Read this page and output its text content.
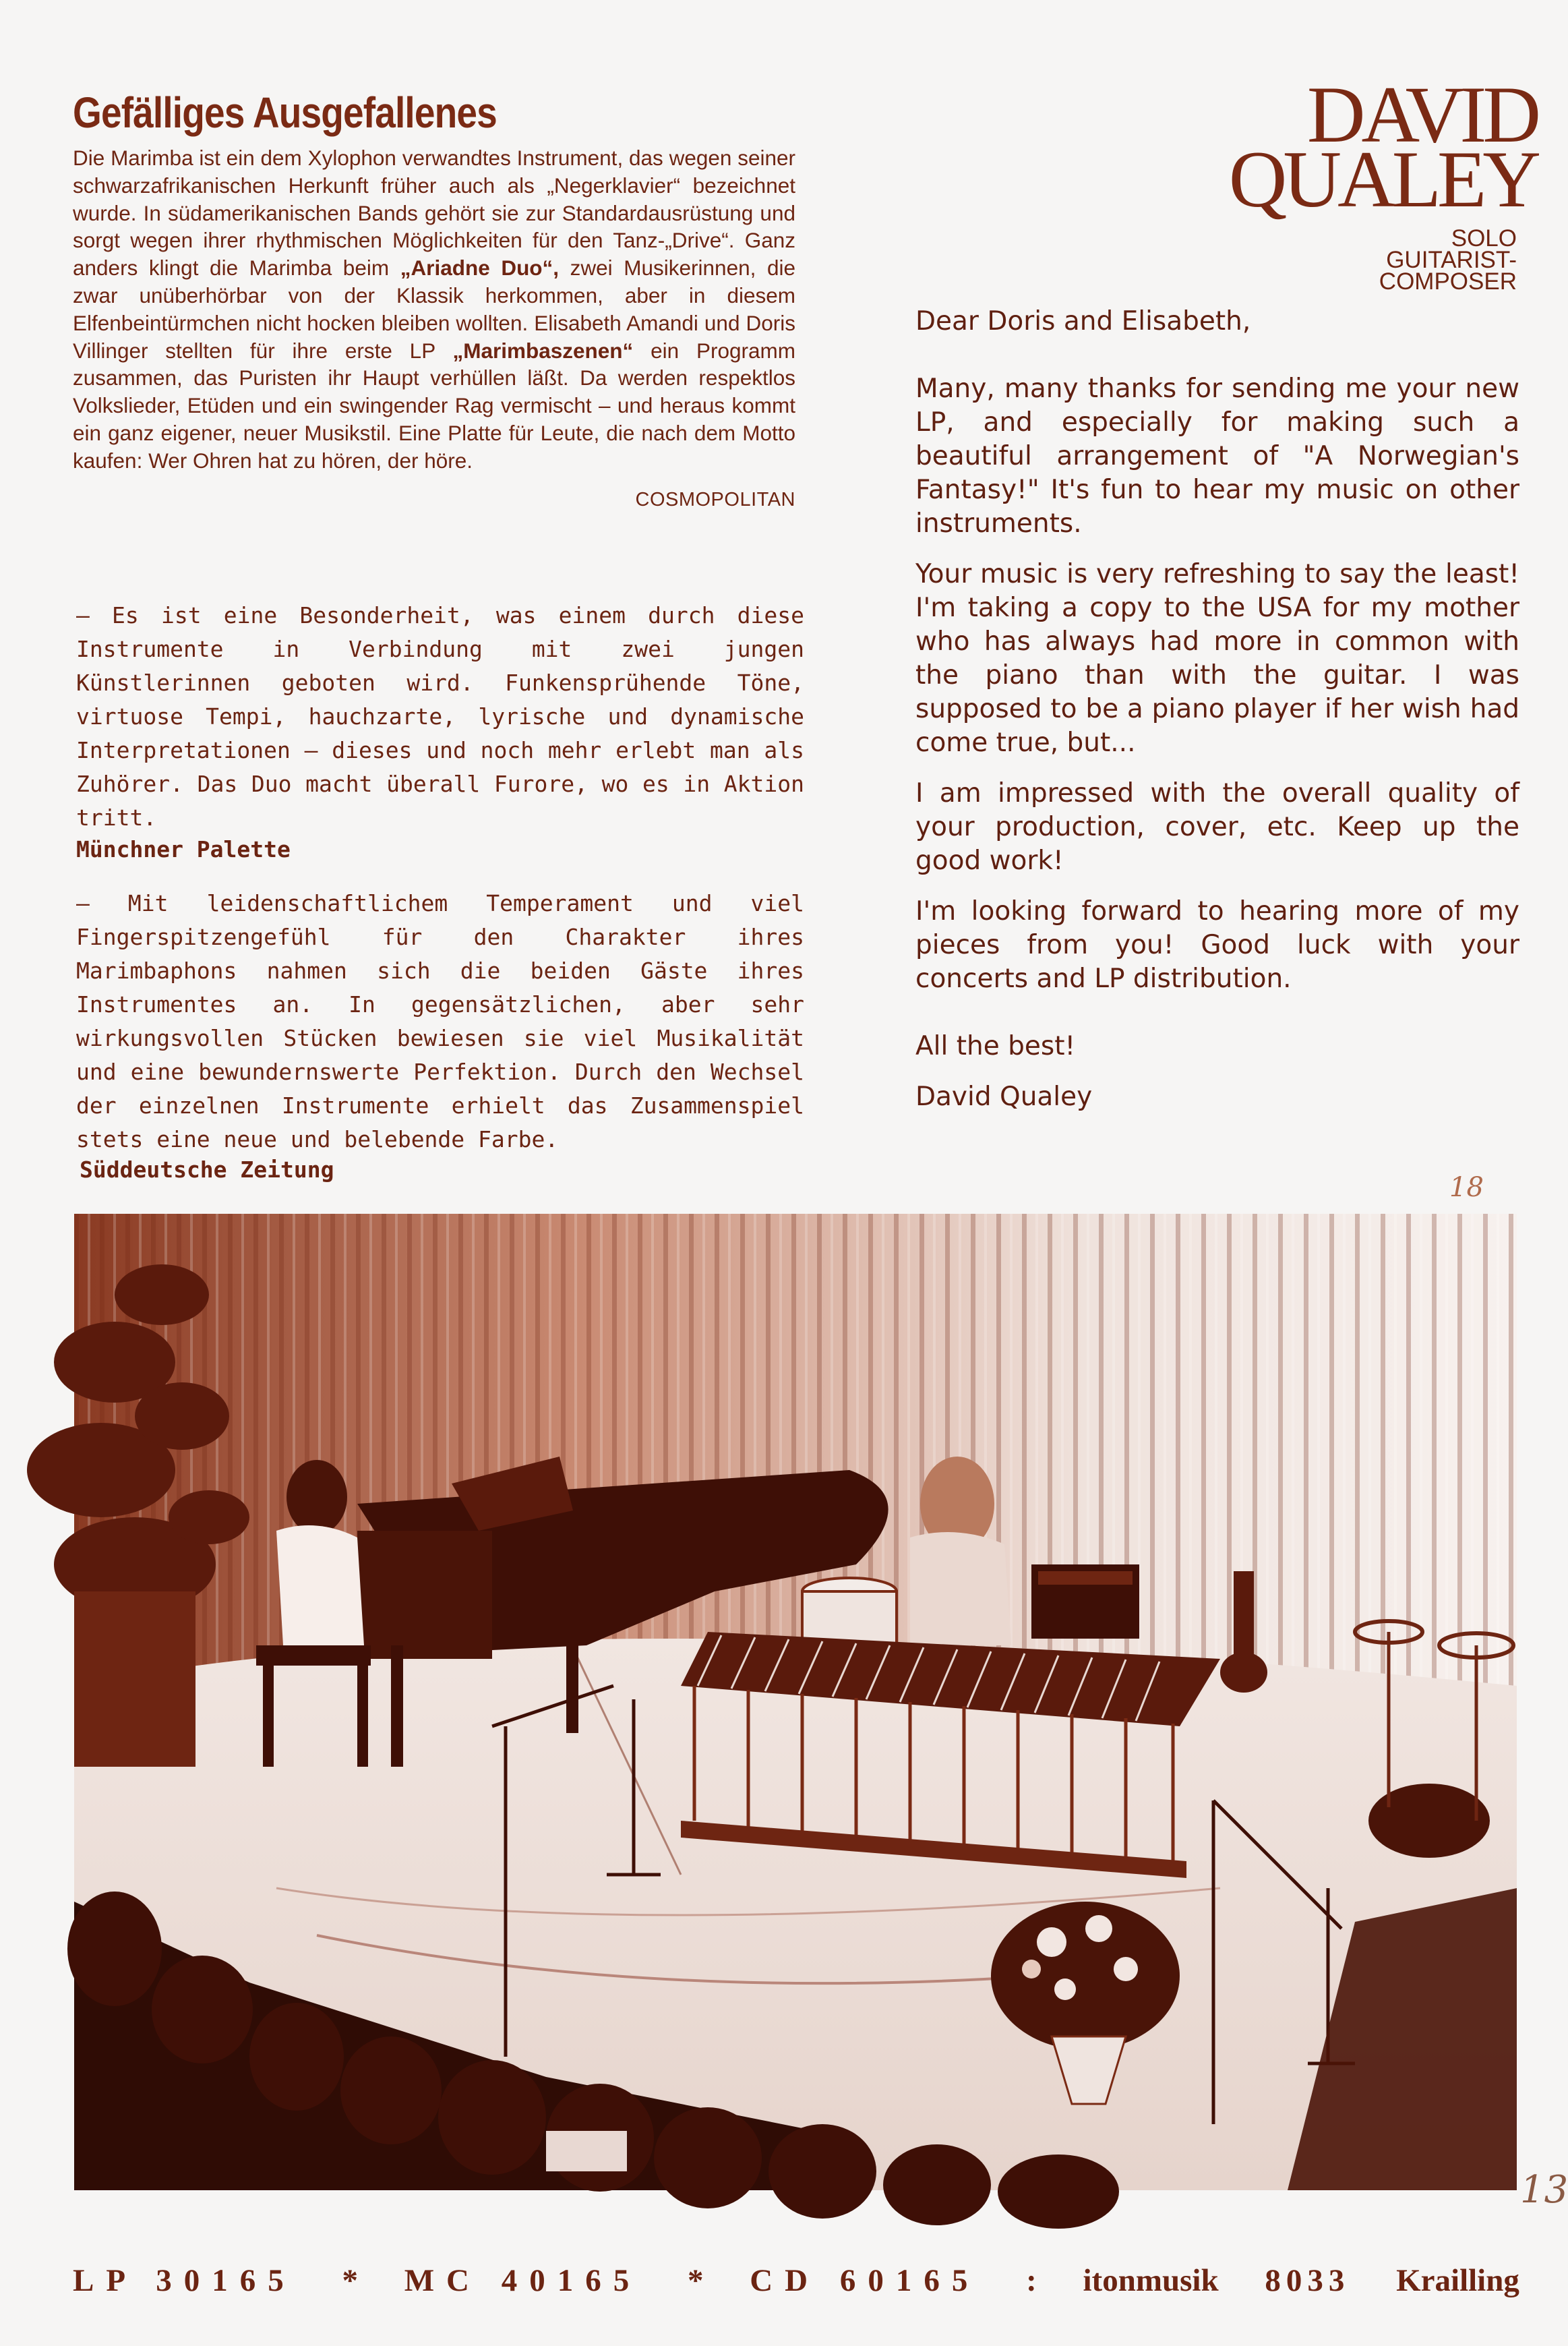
Gefälliges Ausgefallenes
Die Marimba ist ein dem Xylophon verwandtes Instrument, das wegen seiner schwarzafrikanischen Herkunft früher auch als „Negerklavier“ bezeichnet wurde. In südamerikanischen Bands gehört sie zur Standardausrüstung und sorgt wegen ihrer rhythmischen Möglichkeiten für den Tanz-„Drive“. Ganz anders klingt die Marimba beim „Ariadne Duo“, zwei Musikerinnen, die zwar unüberhörbar von der Klassik herkommen, aber in diesem Elfenbeintürmchen nicht hocken bleiben wollten. Elisabeth Amandi und Doris Villinger stellten für ihre erste LP „Marimbaszenen“ ein Programm zusammen, das Puristen ihr Haupt verhüllen läßt. Da werden respektlos Volkslieder, Etüden und ein swingender Rag vermischt – und heraus kommt ein ganz eigener, neuer Musikstil. Eine Platte für Leute, die nach dem Motto kaufen: Wer Ohren hat zu hören, der höre.
COSMOPOLITAN
– Es ist eine Besonderheit, was einem durch diese Instrumente in Verbindung mit zwei jungen Künstlerinnen geboten wird. Funkensprühende Töne, virtuose Tempi, hauchzarte, lyrische und dynamische Interpretationen – dieses und noch mehr erlebt man als Zuhörer. Das Duo macht überall Furore, wo es in Aktion tritt.
Münchner Palette
– Mit leidenschaftlichem Temperament und viel Fingerspitzengefühl für den Charakter ihres Marimbaphons nahmen sich die beiden Gäste ihres Instrumentes an. In gegensätzlichen, aber sehr wirkungsvollen Stücken bewiesen sie viel Musikalität und eine bewundernswerte Perfektion. Durch den Wechsel der einzelnen Instrumente erhielt das Zusammenspiel stets eine neue und belebende Farbe.
Süddeutsche Zeitung
DAVID
QUALEY
SOLO
GUITARIST-
COMPOSER

Dear Doris and Elisabeth,

Many, many thanks for sending me your new LP, and especially for making such a beautiful arrangement of "A Norwegian's Fantasy!" It's fun to hear my music on other instruments.

Your music is very refreshing to say the least! I'm taking a copy to the USA for my mother who has always had more in common with the piano than with the guitar. I was supposed to be a piano player if her wish had come true, but...

I am impressed with the overall quality of your production, cover, etc. Keep up the good work!

I'm looking forward to hearing more of my pieces from you! Good luck with your concerts and LP distribution.

All the best!

David Qualey

18
13
LP 30165 * MC 40165 * CD 60165 : itonmusik 8033 Krailling
